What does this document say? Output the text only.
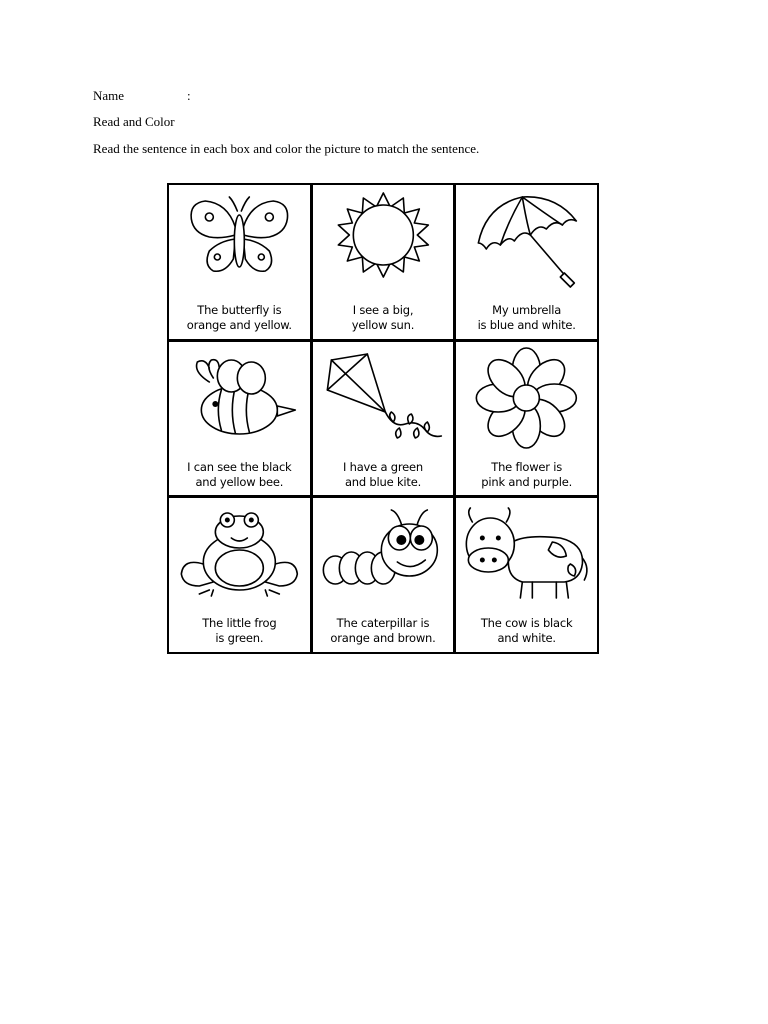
Name	:
Read and Color
Read the sentence in each box and color the picture to match the sentence.
The butterfly is
orange and yellow.
I see a big,
yellow sun.
My umbrella
is blue and white.
I can see the black
and yellow bee.
I have a green
and blue kite.
The flower is
pink and purple.
The little frog
is green.
The caterpillar is
orange and brown.
The cow is black
and white.
